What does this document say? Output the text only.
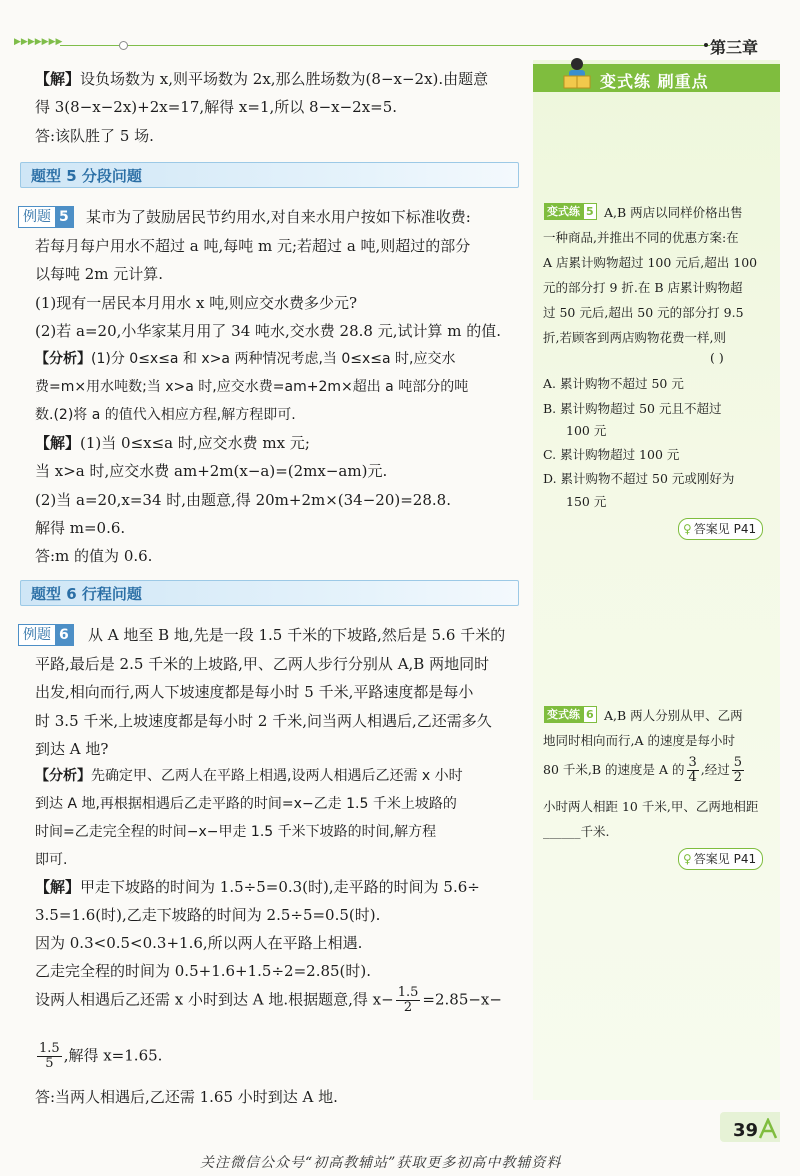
▶▶▶▶▶▶▶	第三章
变式练 刷重点
【解】设负场数为 x,则平场数为 2x,那么胜场数为(8−x−2x).由题意
得 3(8−x−2x)+2x=17,解得 x=1,所以 8−x−2x=5.
答:该队胜了 5 场.
题型 5 分段问题
例题 5 某市为了鼓励居民节约用水,对自来水用户按如下标准收费:
若每月每户用水不超过 a 吨,每吨 m 元;若超过 a 吨,则超过的部分
以每吨 2m 元计算.
(1)现有一居民本月用水 x 吨,则应交水费多少元?
(2)若 a=20,小华家某月用了 34 吨水,交水费 28.8 元,试计算 m 的值.
【分析】(1)分 0≤x≤a 和 x>a 两种情况考虑,当 0≤x≤a 时,应交水
费=m×用水吨数;当 x>a 时,应交水费=am+2m×超出 a 吨部分的吨
数.(2)将 a 的值代入相应方程,解方程即可.
【解】(1)当 0≤x≤a 时,应交水费 mx 元;
当 x>a 时,应交水费 am+2m(x−a)=(2mx−am)元.
(2)当 a=20,x=34 时,由题意,得 20m+2m×(34−20)=28.8.
解得 m=0.6.
答:m 的值为 0.6.
题型 6 行程问题
例题 6 从 A 地至 B 地,先是一段 1.5 千米的下坡路,然后是 5.6 千米的
平路,最后是 2.5 千米的上坡路,甲、乙两人步行分别从 A,B 两地同时
出发,相向而行,两人下坡速度都是每小时 5 千米,平路速度都是每小
时 3.5 千米,上坡速度都是每小时 2 千米,问当两人相遇后,乙还需多久
到达 A 地?
【分析】先确定甲、乙两人在平路上相遇,设两人相遇后乙还需 x 小时
到达 A 地,再根据相遇后乙走平路的时间=x−乙走 1.5 千米上坡路的
时间=乙走完全程的时间−x−甲走 1.5 千米下坡路的时间,解方程
即可.
【解】甲走下坡路的时间为 1.5÷5=0.3(时),走平路的时间为 5.6÷
3.5=1.6(时),乙走下坡路的时间为 2.5÷5=0.5(时).
因为 0.3<0.5<0.3+1.6,所以两人在平路上相遇.
乙走完全程的时间为 0.5+1.6+1.5÷2=2.85(时).
设两人相遇后乙还需 x 小时到达 A 地.根据题意,得 $x- \frac{1.5}{2} =2.85-x-$
$\frac{1.5}{5}$ ,解得 x=1.65.
答:当两人相遇后,乙还需 1.65 小时到达 A 地.
变式练 5 A,B 两店以同样价格出售
一种商品,并推出不同的优惠方案:在
A 店累计购物超过 100 元后,超出 100
元的部分打 9 折.在 B 店累计购物超
过 50 元后,超出 50 元的部分打 9.5
折,若顾客到两店购物花费一样,则
( )
A. 累计购物不超过 50 元
B. 累计购物超过 50 元且不超过
100 元
C. 累计购物超过 100 元
D. 累计购物不超过 50 元或刚好为
150 元
♀ 答案见 P41
变式练 6 A,B 两人分别从甲、乙两
地同时相向而行,A 的速度是每小时
80 千米,B 的速度是 A 的 $\frac{3}{4}$ ,经过 $\frac{5}{2}$
小时两人相距 10 千米,甲、乙两地相距
______千米.
♀ 答案见 P41
39
关注微信公众号“初高教辅站”获取更多初高中教辅资料
